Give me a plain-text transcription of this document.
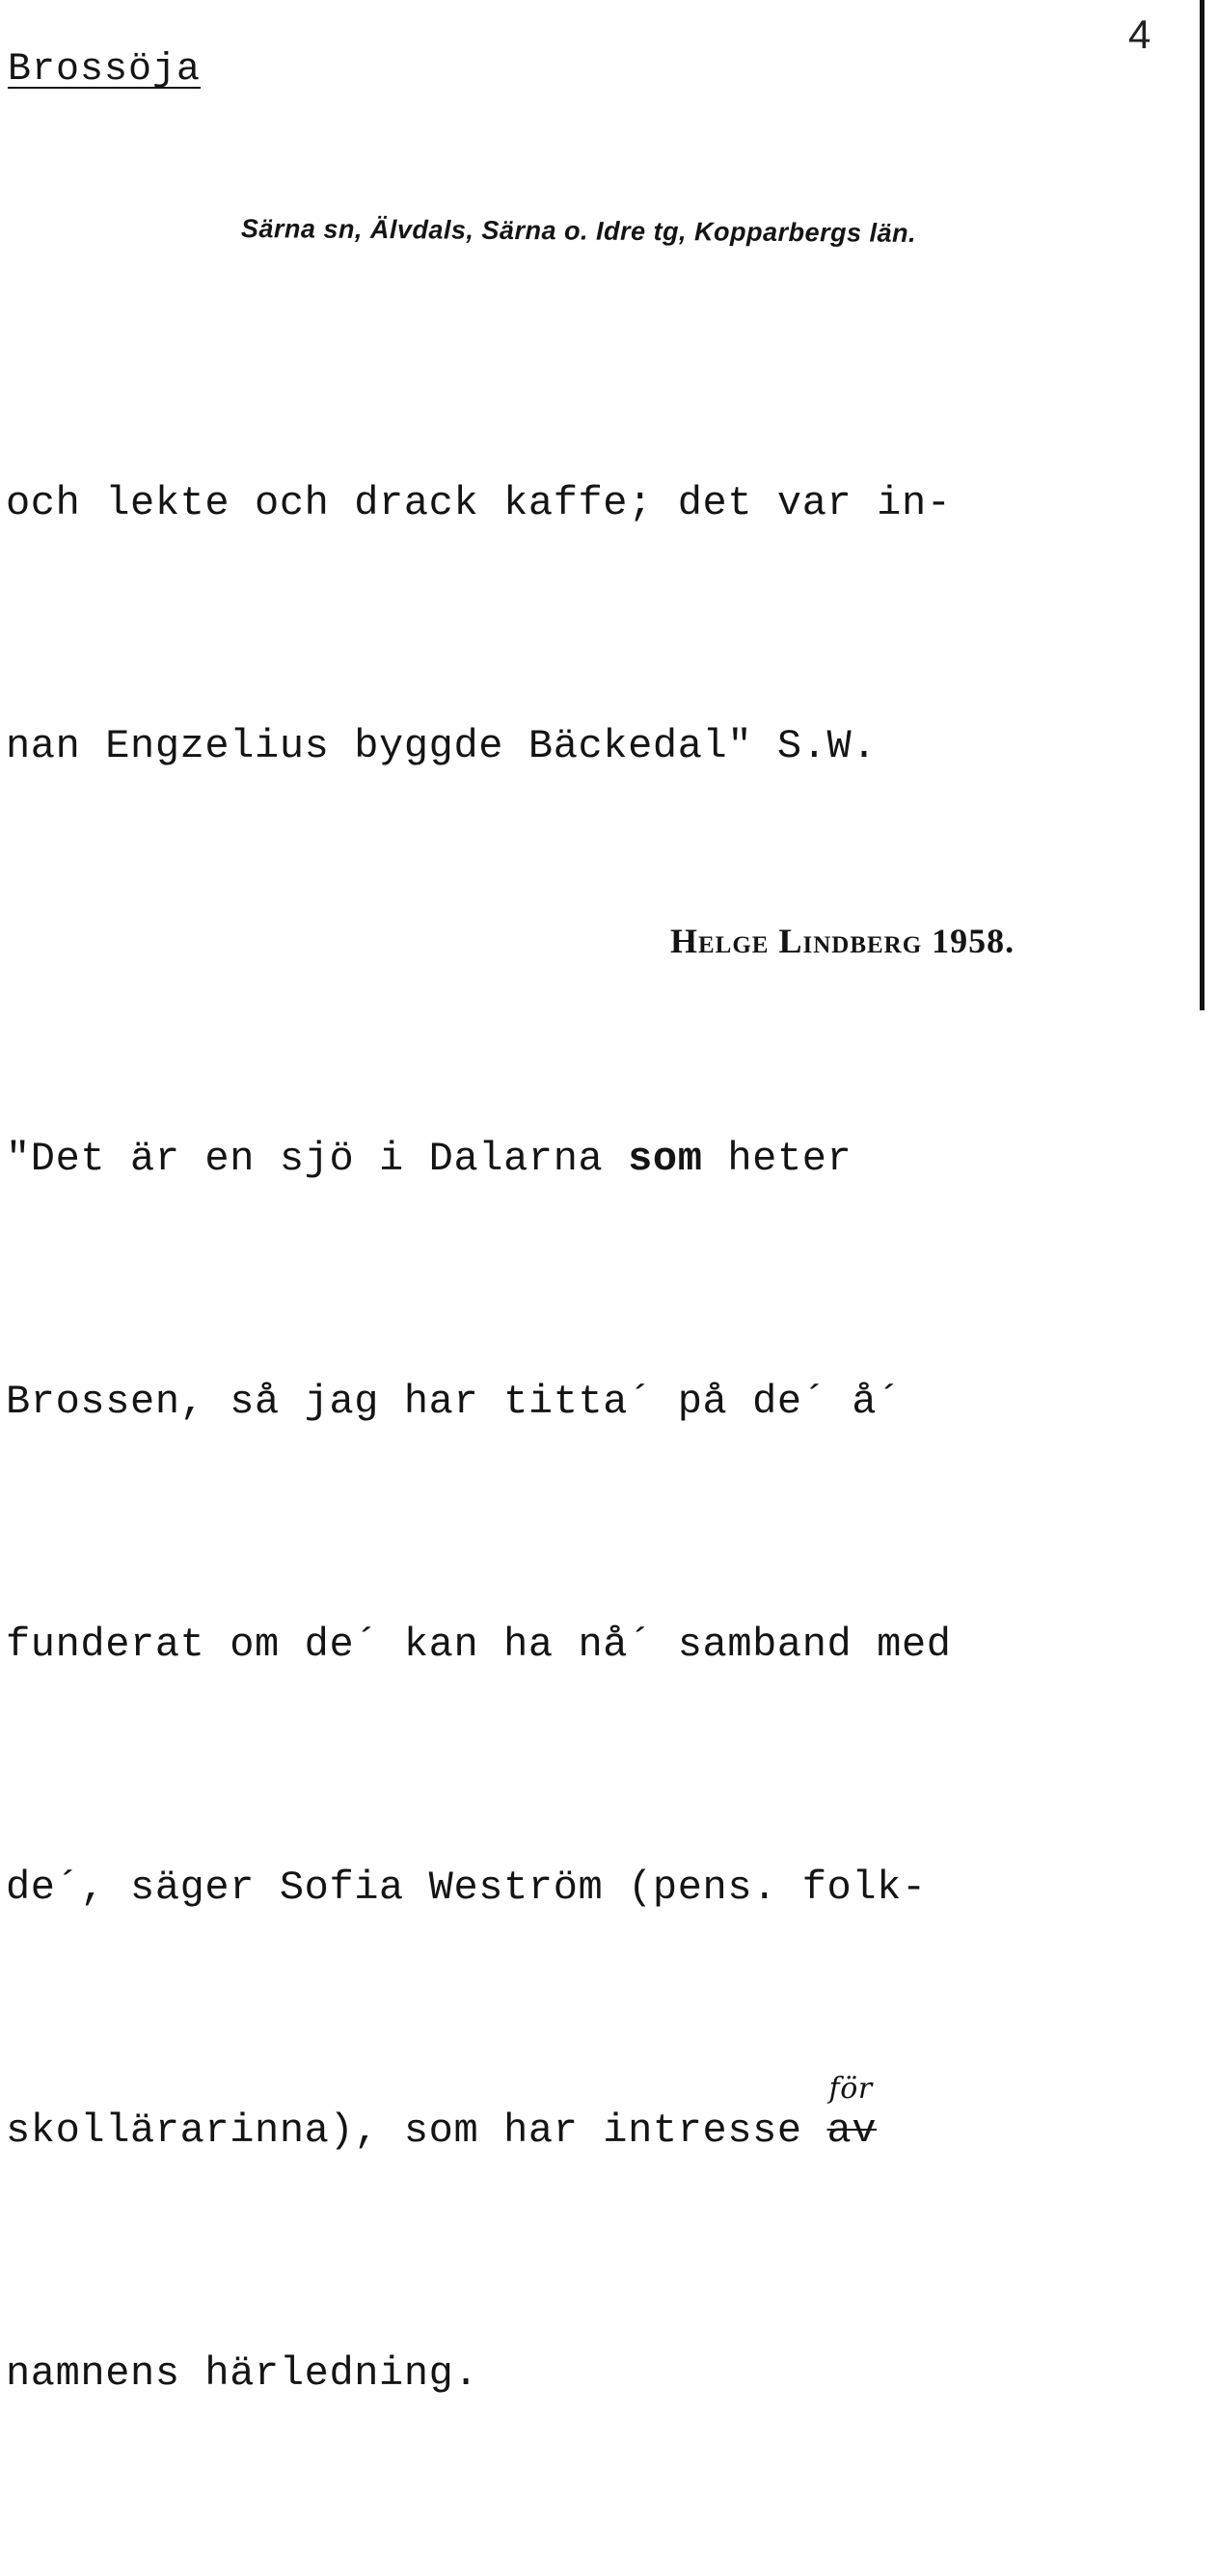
4
Brossöja
Särna sn, Älvdals, Särna o. Idre tg, Kopparbergs län.

och lekte och drack kaffe; det var in-

nan Engzelius byggde Bäckedal" S.W.

"Det är en sjö i Dalarna som heter

Brossen, så jag har titta´ på de´ å´

funderat om de´ kan ha nå´ samband med

de´, säger Sofia Weström (pens. folk-

skollärarinna), som har intresse
för
av

namnens härledning.

Helge Lindberg 1958.
